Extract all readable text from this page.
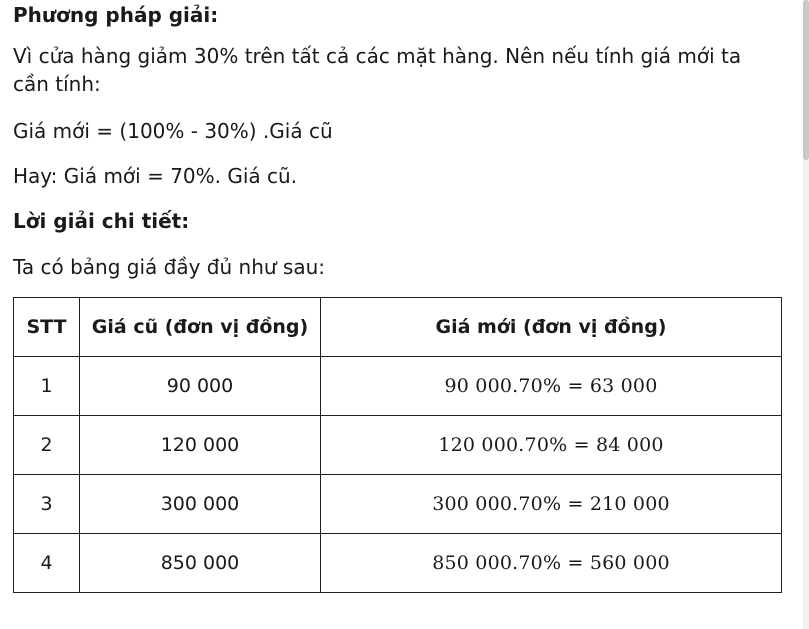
Phương pháp giải:

Vì cửa hàng giảm 30% trên tất cả các mặt hàng. Nên nếu tính giá mới ta cần tính:

Giá mới = (100% - 30%) .Giá cũ

Hay: Giá mới = 70%. Giá cũ.

Lời giải chi tiết:

Ta có bảng giá đầy đủ như sau:

STT	Giá cũ (đơn vị đồng)	Giá mới (đơn vị đồng)
1	90 000	90 000.70% = 63 000
2	120 000	120 000.70% = 84 000
3	300 000	300 000.70% = 210 000
4	850 000	850 000.70% = 560 000
